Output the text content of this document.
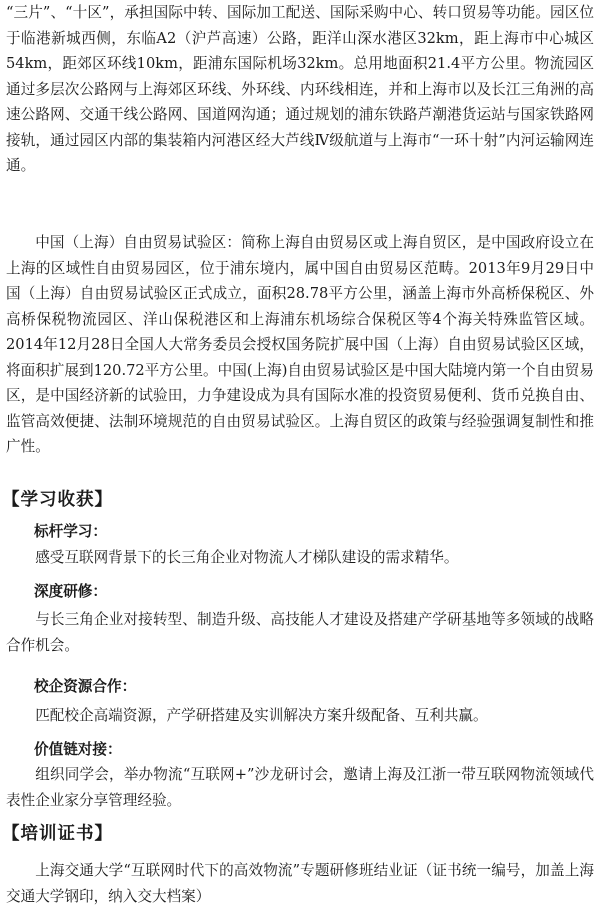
“三片”、“十区”，承担国际中转、国际加工配送、国际采购中心、转口贸易等功能。园区位于临港新城西侧，东临A2（沪芦高速）公路，距洋山深水港区32km，距上海市中心城区54km，距郊区环线10km，距浦东国际机场32km。总用地面积21.4平方公里。物流园区通过多层次公路网与上海郊区环线、外环线、内环线相连，并和上海市以及长江三角洲的高速公路网、交通干线公路网、国道网沟通；通过规划的浦东铁路芦潮港货运站与国家铁路网接轨，通过园区内部的集装箱内河港区经大芦线Ⅳ级航道与上海市“一环十射”内河运输网连通。

中国（上海）自由贸易试验区：简称上海自由贸易区或上海自贸区，是中国政府设立在上海的区域性自由贸易园区，位于浦东境内，属中国自由贸易区范畴。2013年9月29日中国（上海）自由贸易试验区正式成立，面积28.78平方公里，涵盖上海市外高桥保税区、外高桥保税物流园区、洋山保税港区和上海浦东机场综合保税区等4个海关特殊监管区域。2014年12月28日全国人大常务委员会授权国务院扩展中国（上海）自由贸易试验区区域，将面积扩展到120.72平方公里。中国(上海)自由贸易试验区是中国大陆境内第一个自由贸易区，是中国经济新的试验田，力争建设成为具有国际水准的投资贸易便利、货币兑换自由、监管高效便捷、法制环境规范的自由贸易试验区。上海自贸区的政策与经验强调复制性和推广性。

【学习收获】
标杆学习：

感受互联网背景下的长三角企业对物流人才梯队建设的需求精华。

深度研修：

与长三角企业对接转型、制造升级、高技能人才建设及搭建产学研基地等多领域的战略合作机会。

校企资源合作：

匹配校企高端资源，产学研搭建及实训解决方案升级配备、互利共赢。

价值链对接：

组织同学会，举办物流“互联网+”沙龙研讨会，邀请上海及江浙一带互联网物流领域代表性企业家分享管理经验。

【培训证书】

上海交通大学“互联网时代下的高效物流”专题研修班结业证（证书统一编号，加盖上海交通大学钢印，纳入交大档案）
